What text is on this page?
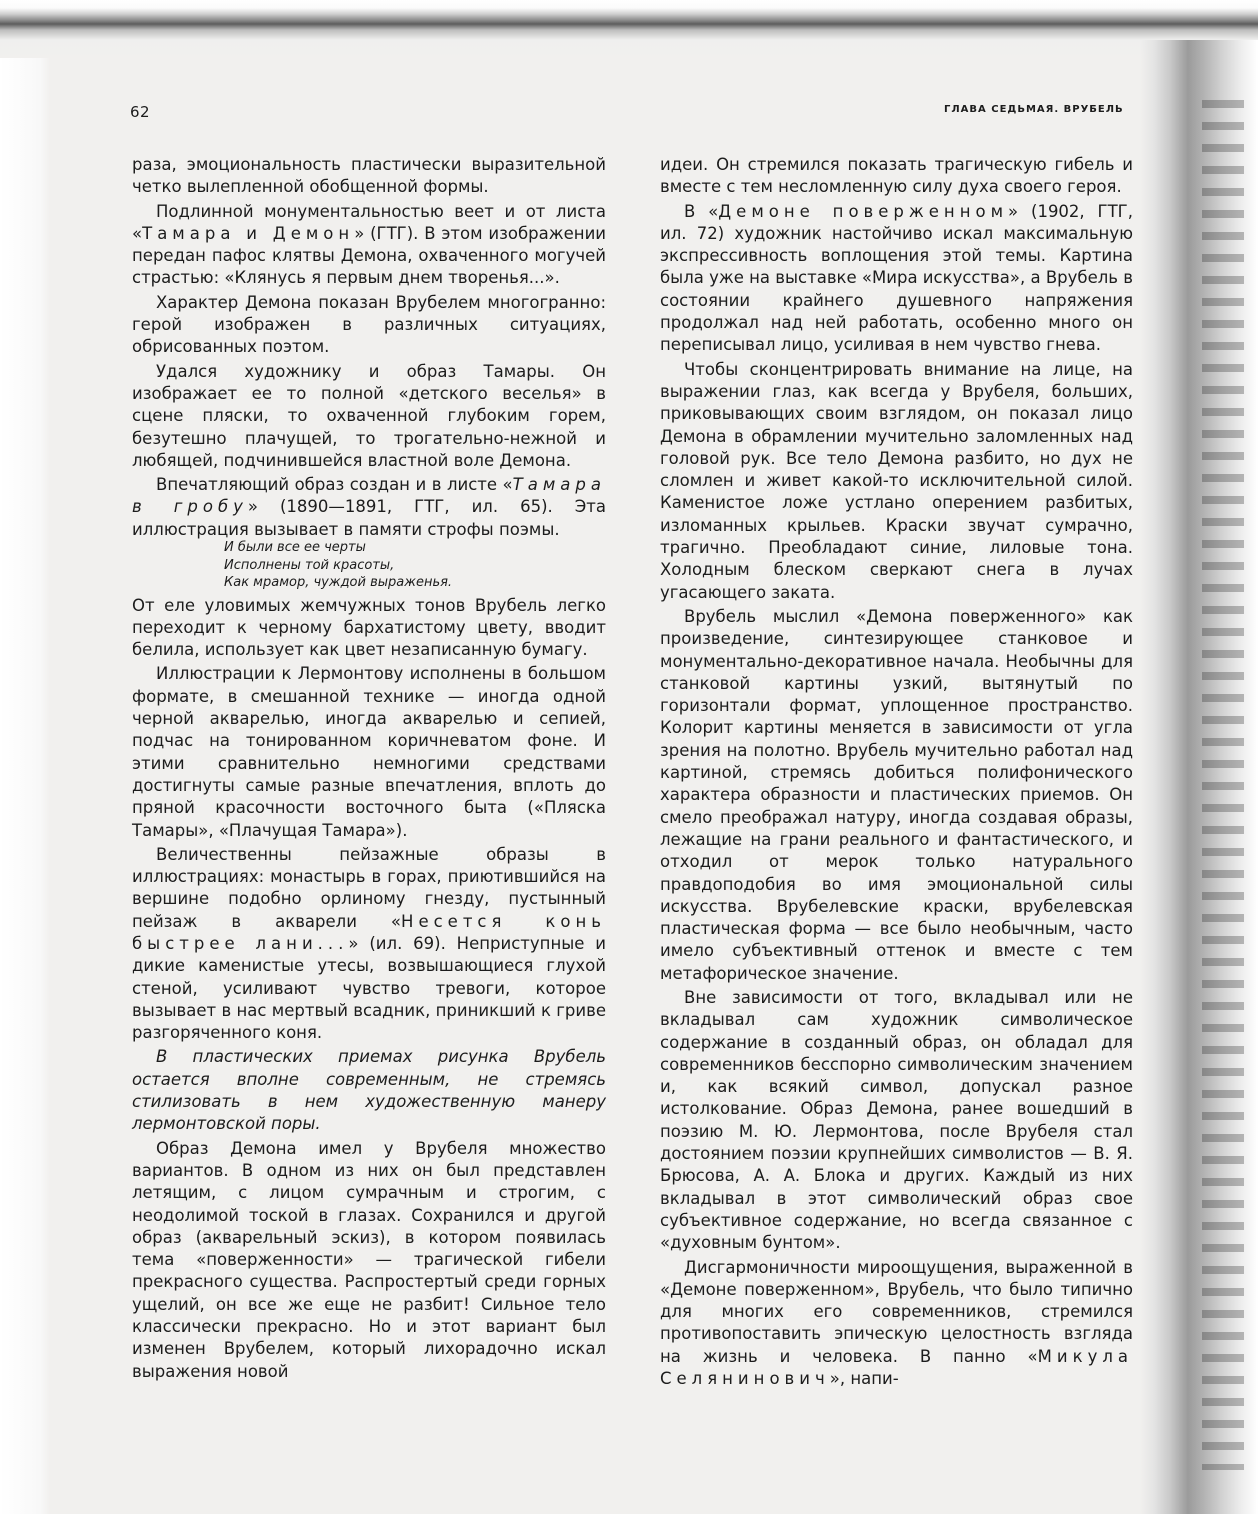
62	ГЛАВА СЕДЬМАЯ. ВРУБЕЛЬ

раза, эмоциональность пластически выразительной четко вылепленной обобщенной формы.

Подлинной монументальностью веет и от листа «Тамара и Демон» (ГТГ). В этом изображении передан пафос клятвы Демона, охваченного могучей страстью: «Клянусь я первым днем творенья...».

Характер Демона показан Врубелем многогранно: герой изображен в различных ситуациях, обрисованных поэтом.

Удался художнику и образ Тамары. Он изображает ее то полной «детского веселья» в сцене пляски, то охваченной глубоким горем, безутешно плачущей, то трогательно-нежной и любящей, подчинившейся властной воле Демона.

Впечатляющий образ создан и в листе «Тамара в гробу» (1890—1891, ГТГ, ил. 65). Эта иллюстрация вызывает в памяти строфы поэмы.

И были все ее черты
Исполнены той красоты,
Как мрамор, чуждой выраженья.

От еле уловимых жемчужных тонов Врубель легко переходит к черному бархатистому цвету, вводит белила, использует как цвет незаписанную бумагу.

Иллюстрации к Лермонтову исполнены в большом формате, в смешанной технике — иногда одной черной акварелью, иногда акварелью и сепией, подчас на тонированном коричневатом фоне. И этими сравнительно немногими средствами достигнуты самые разные впечатления, вплоть до пряной красочности восточного быта («Пляска Тамары», «Плачущая Тамара»).

Величественны пейзажные образы в иллюстрациях: монастырь в горах, приютившийся на вершине подобно орлиному гнезду, пустынный пейзаж в акварели «Несется конь быстрее лани...» (ил. 69). Неприступные и дикие каменистые утесы, возвышающиеся глухой стеной, усиливают чувство тревоги, которое вызывает в нас мертвый всадник, приникший к гриве разгоряченного коня.

В пластических приемах рисунка Врубель остается вполне современным, не стремясь стилизовать в нем художественную манеру лермонтовской поры.

Образ Демона имел у Врубеля множество вариантов. В одном из них он был представлен летящим, с лицом сумрачным и строгим, с неодолимой тоской в глазах. Сохранился и другой образ (акварельный эскиз), в котором появилась тема «поверженности» — трагической гибели прекрасного существа. Распростертый среди горных ущелий, он все же еще не разбит! Сильное тело классически прекрасно. Но и этот вариант был изменен Врубелем, который лихорадочно искал выражения новой

идеи. Он стремился показать трагическую гибель и вместе с тем несломленную силу духа своего героя.

В «Демоне поверженном» (1902, ГТГ, ил. 72) художник настойчиво искал максимальную экспрессивность воплощения этой темы. Картина была уже на выставке «Мира искусства», а Врубель в состоянии крайнего душевного напряжения продолжал над ней работать, особенно много он переписывал лицо, усиливая в нем чувство гнева.

Чтобы сконцентрировать внимание на лице, на выражении глаз, как всегда у Врубеля, больших, приковывающих своим взглядом, он показал лицо Демона в обрамлении мучительно заломленных над головой рук. Все тело Демона разбито, но дух не сломлен и живет какой-то исключительной силой. Каменистое ложе устлано оперением разбитых, изломанных крыльев. Краски звучат сумрачно, трагично. Преобладают синие, лиловые тона. Холодным блеском сверкают снега в лучах угасающего заката.

Врубель мыслил «Демона поверженного» как произведение, синтезирующее станковое и монументально-декоративное начала. Необычны для станковой картины узкий, вытянутый по горизонтали формат, уплощенное пространство. Колорит картины меняется в зависимости от угла зрения на полотно. Врубель мучительно работал над картиной, стремясь добиться полифонического характера образности и пластических приемов. Он смело преображал натуру, иногда создавая образы, лежащие на грани реального и фантастического, и отходил от мерок только натурального правдоподобия во имя эмоциональной силы искусства. Врубелевские краски, врубелевская пластическая форма — все было необычным, часто имело субъективный оттенок и вместе с тем метафорическое значение.

Вне зависимости от того, вкладывал или не вкладывал сам художник символическое содержание в созданный образ, он обладал для современников бесспорно символическим значением и, как всякий символ, допускал разное истолкование. Образ Демона, ранее вошедший в поэзию М. Ю. Лермонтова, после Врубеля стал достоянием поэзии крупнейших символистов — В. Я. Брюсова, А. А. Блока и других. Каждый из них вкладывал в этот символический образ свое субъективное содержание, но всегда связанное с «духовным бунтом».

Дисгармоничности мироощущения, выраженной в «Демоне поверженном», Врубель, что было типично для многих его современников, стремился противопоставить эпическую целостность взгляда на жизнь и человека. В панно «Микула Селянинович», напи-
